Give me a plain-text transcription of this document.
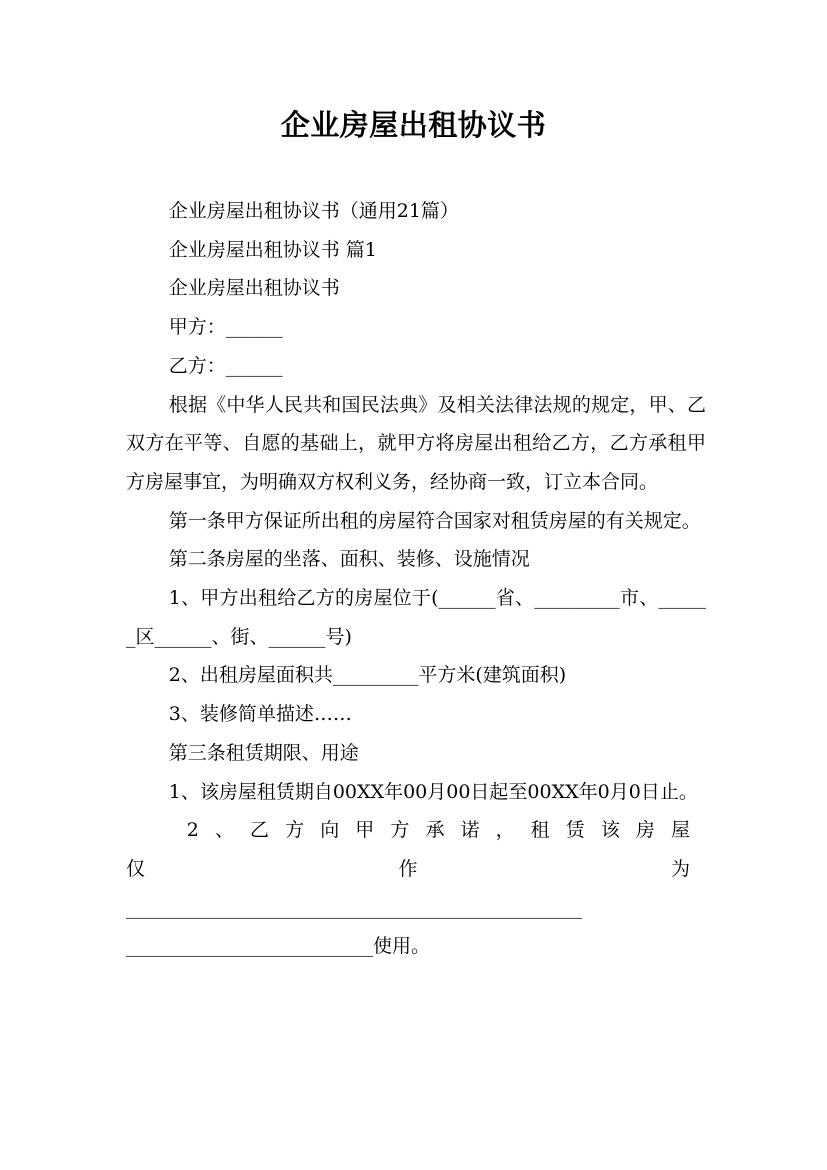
企业房屋出租协议书

企业房屋出租协议书（通用21篇）

企业房屋出租协议书 篇1

企业房屋出租协议书

甲方：______

乙方：______

根据《中华人民共和国民法典》及相关法律法规的规定，甲、乙双方在平等、自愿的基础上，就甲方将房屋出租给乙方，乙方承租甲方房屋事宜，为明确双方权利义务，经协商一致，订立本合同。

第一条甲方保证所出租的房屋符合国家对租赁房屋的有关规定。

第二条房屋的坐落、面积、装修、设施情况

1、甲方出租给乙方的房屋位于(______省、_________市、______区______、街、______号)

2、出租房屋面积共_________平方米(建筑面积)

3、装修简单描述……

第三条租赁期限、用途

1、该房屋租赁期自00XX年00月00日起至00XX年0月0日止。

2、乙方向甲方承诺，租赁该房屋仅作为

________________________________________________

__________________________使用。
